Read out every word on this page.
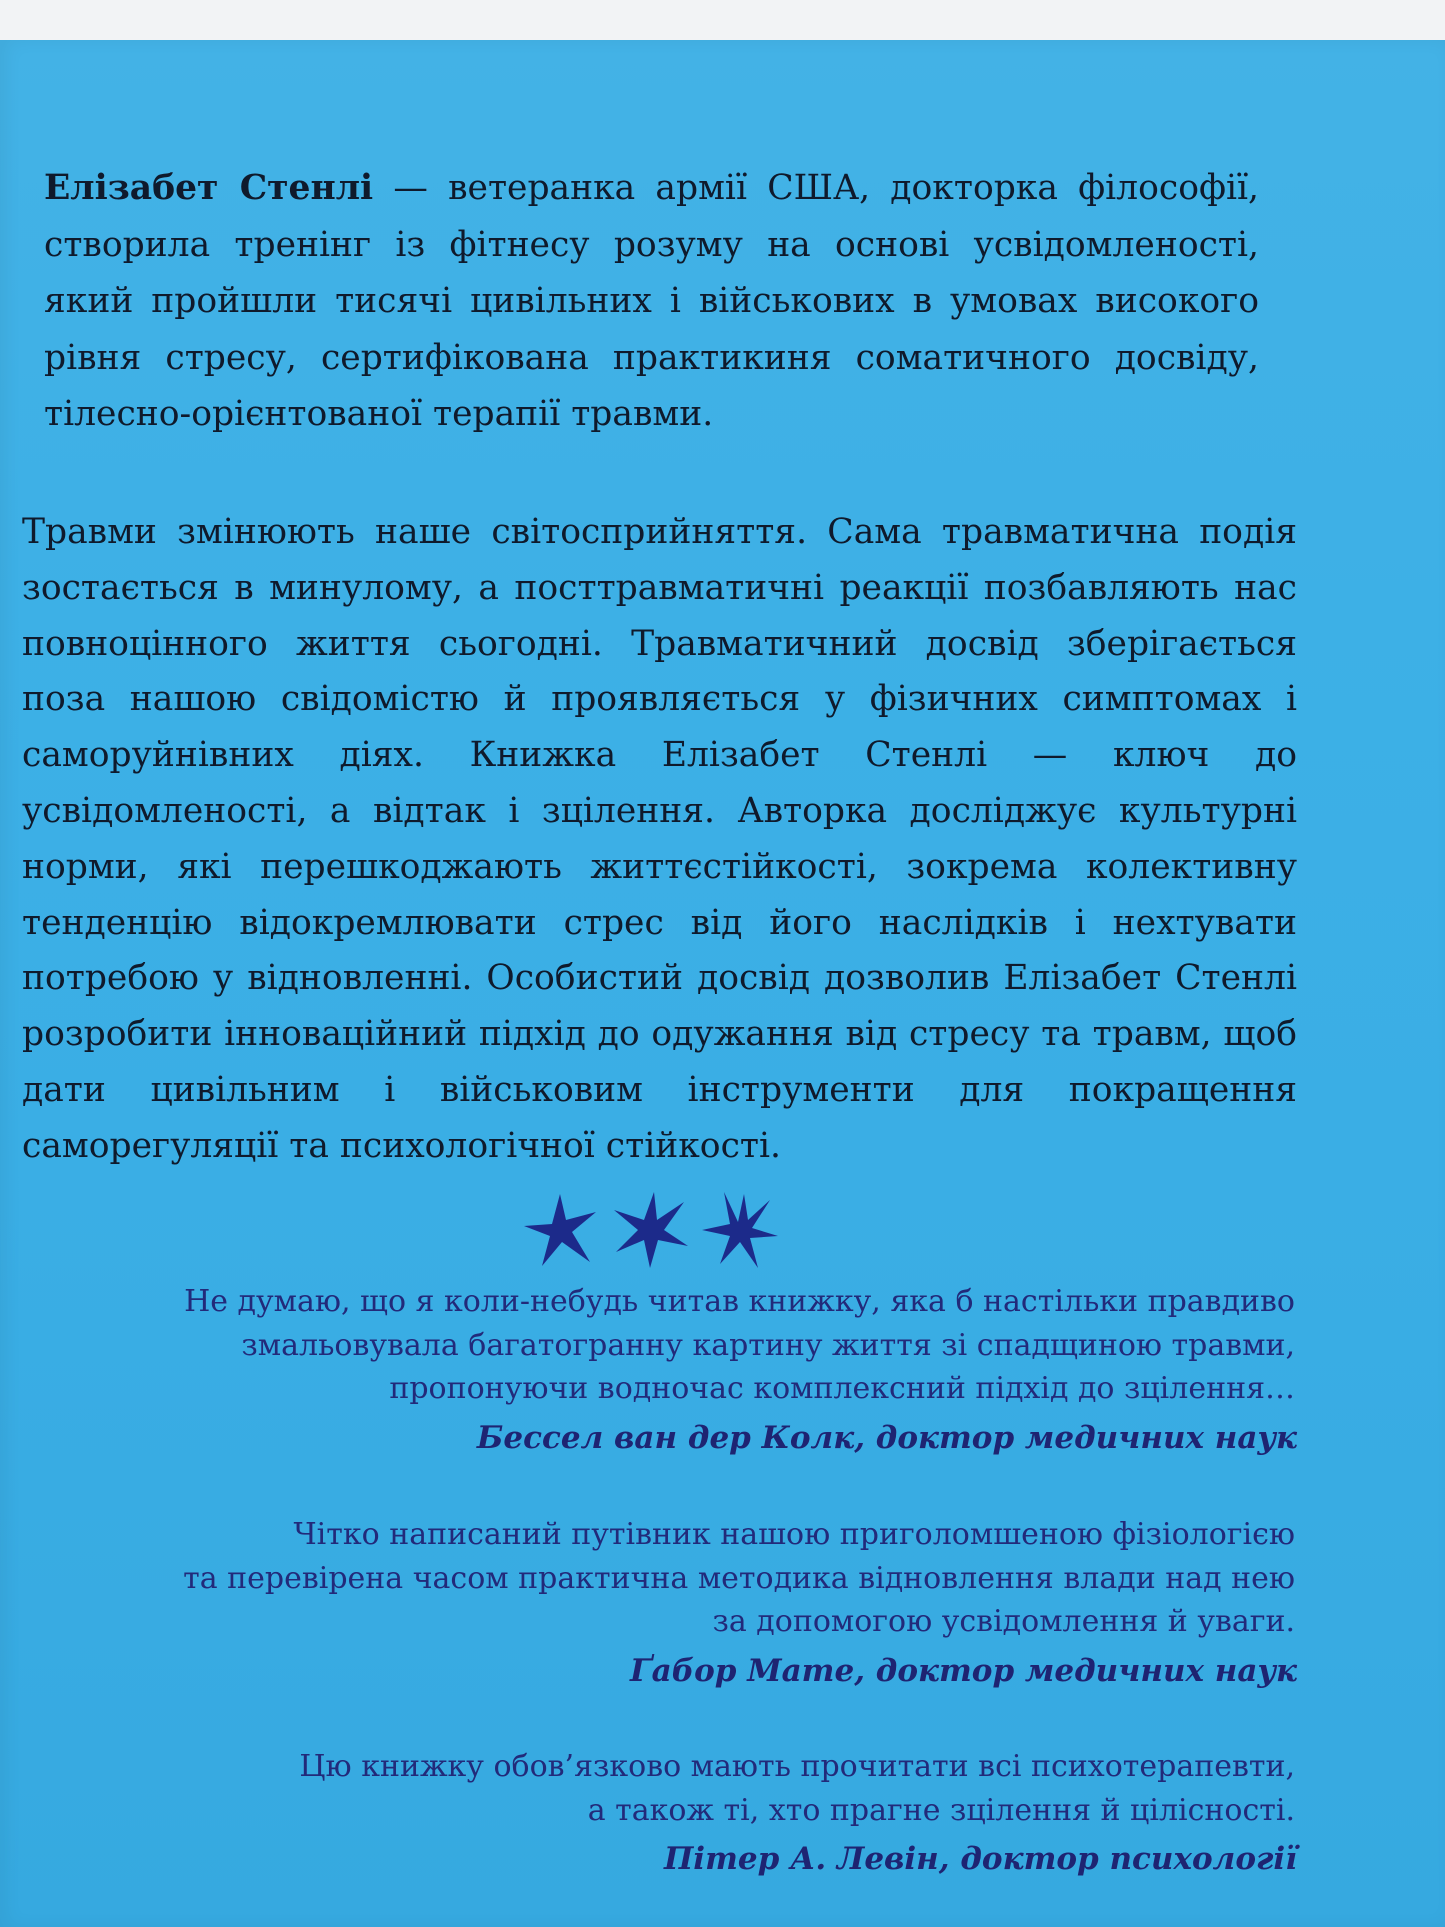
Елізабет Стенлі — ветеранка армії США, докторка філософії, створила тренінг із фітнесу розуму на основі усвідомленості, який пройшли тисячі цивільних і військових в умовах високого рівня стресу, сертифікована практикиня соматичного досвіду, тілесно-орієнтованої терапії травми.

Травми змінюють наше світосприйняття. Сама травматична подія зостається в минулому, а посттравматичні реакції позбавляють нас повноцінного життя сьогодні. Травматичний досвід зберігається поза нашою свідомістю й проявляється у фізичних симптомах і саморуйнівних діях. Книжка Елізабет Стенлі — ключ до усвідомленості, а відтак і зцілення. Авторка досліджує культурні норми, які перешкоджають життєстійкості, зокрема колективну тенденцію відокремлювати стрес від його наслідків і нехтувати потребою у відновленні. Особистий досвід дозволив Елізабет Стенлі розробити інноваційний підхід до одужання від стресу та травм, щоб дати цивільним і військовим інструменти для покращення саморегуляції та психологічної стійкості.

Не думаю, що я коли-небудь читав книжку, яка б настільки правдиво
змальовувала багатогранну картину життя зі спадщиною травми,
пропонуючи водночас комплексний підхід до зцілення…
Бессел ван дер Колк, доктор медичних наук
Чітко написаний путівник нашою приголомшеною фізіологією
та перевірена часом практична методика відновлення влади над нею
за допомогою усвідомлення й уваги.
Ґабор Мате, доктор медичних наук
Цю книжку обов’язково мають прочитати всі психотерапевти,
а також ті, хто прагне зцілення й цілісності.
Пітер А. Левін, доктор психології
